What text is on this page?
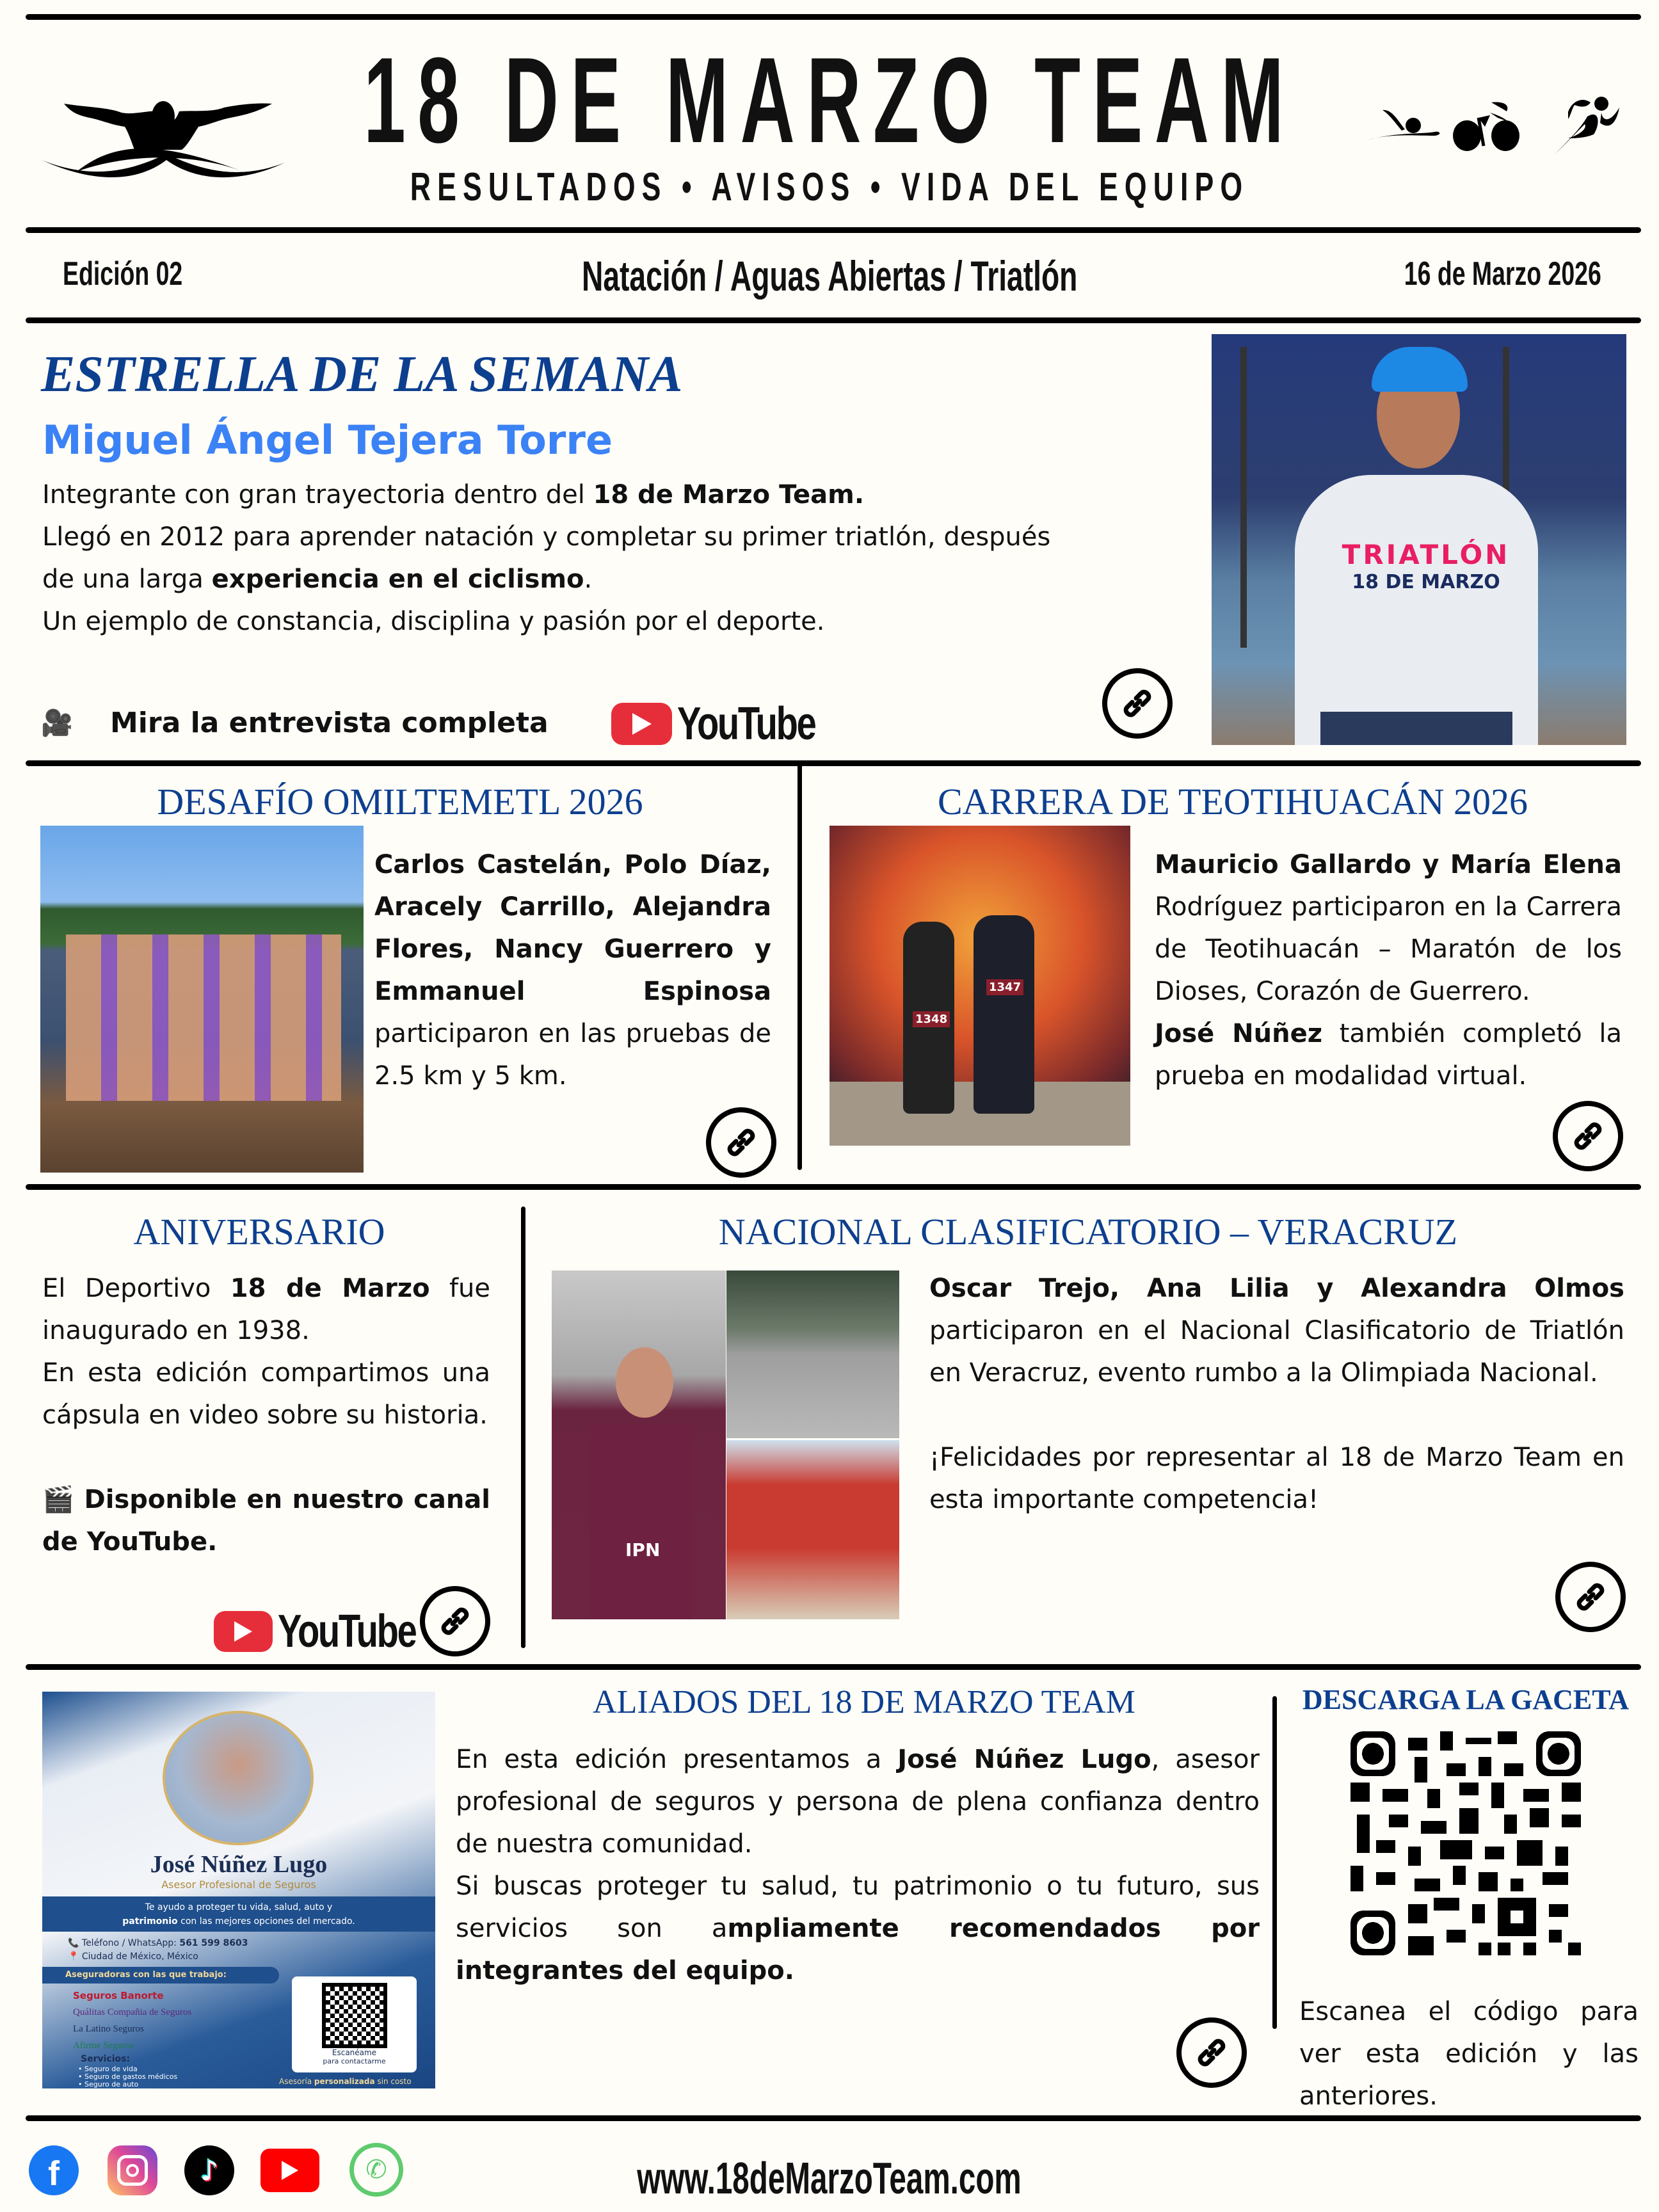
18 DE MARZO TEAM
RESULTADOS • AVISOS • VIDA DEL EQUIPO
Edición 02	Natación / Aguas Abiertas / Triatlón	16 de Marzo 2026
ESTRELLA DE LA SEMANA
Miguel Ángel Tejera Torre
Integrante con gran trayectoria dentro del 18 de Marzo Team.
Llegó en 2012 para aprender natación y completar su primer triatlón, después
de una larga experiencia en el ciclismo.
Un ejemplo de constancia, disciplina y pasión por el deporte.
🎥 Mira la entrevista completa	YouTube
TRIATLÓN
18 DE MARZO
DESAFÍO OMILTEMETL 2026
Carlos Castelán, Polo Díaz, Aracely Carrillo, Alejandra Flores, Nancy Guerrero y Emmanuel Espinosa participaron en las pruebas de 2.5 km y 5 km.
CARRERA DE TEOTIHUACÁN 2026
1348
1347
Mauricio Gallardo y María Elena Rodríguez participaron en la Carrera de Teotihuacán – Maratón de los Dioses, Corazón de Guerrero.
José Núñez también completó la prueba en modalidad virtual.
ANIVERSARIO
El Deportivo 18 de Marzo fue inaugurado en 1938.
En esta edición compartimos una cápsula en video sobre su historia.

🎬 Disponible en nuestro canal de YouTube.
YouTube
NACIONAL CLASIFICATORIO – VERACRUZ
IPN
Oscar Trejo, Ana Lilia y Alexandra Olmos participaron en el Nacional Clasificatorio de Triatlón en Veracruz, evento rumbo a la Olimpiada Nacional.

¡Felicidades por representar al 18 de Marzo Team en esta importante competencia!
José Núñez Lugo
Asesor Profesional de Seguros
Te ayudo a proteger tu vida, salud, auto y
patrimonio con las mejores opciones del mercado.
📞 Teléfono / WhatsApp: 561 599 8603
📍 Ciudad de México, México
Aseguradoras con las que trabajo:
Seguros Banorte
Quálitas Compañia de Seguros
La Latino Seguros
Afirme Seguros
Servicios:
• Seguro de vida
• Seguro de gastos médicos
• Seguro de auto
Escanéame
para contactarme
Asesoría personalizada sin costo
ALIADOS DEL 18 DE MARZO TEAM
En esta edición presentamos a José Núñez Lugo, asesor profesional de seguros y persona de plena confianza dentro de nuestra comunidad.
Si buscas proteger tu salud, tu patrimonio o tu futuro, sus servicios son ampliamente recomendados por integrantes del equipo.
DESCARGA LA GACETA
Escanea el código para ver esta edición y las anteriores.
f	♪	✆	www.18deMarzoTeam.com
